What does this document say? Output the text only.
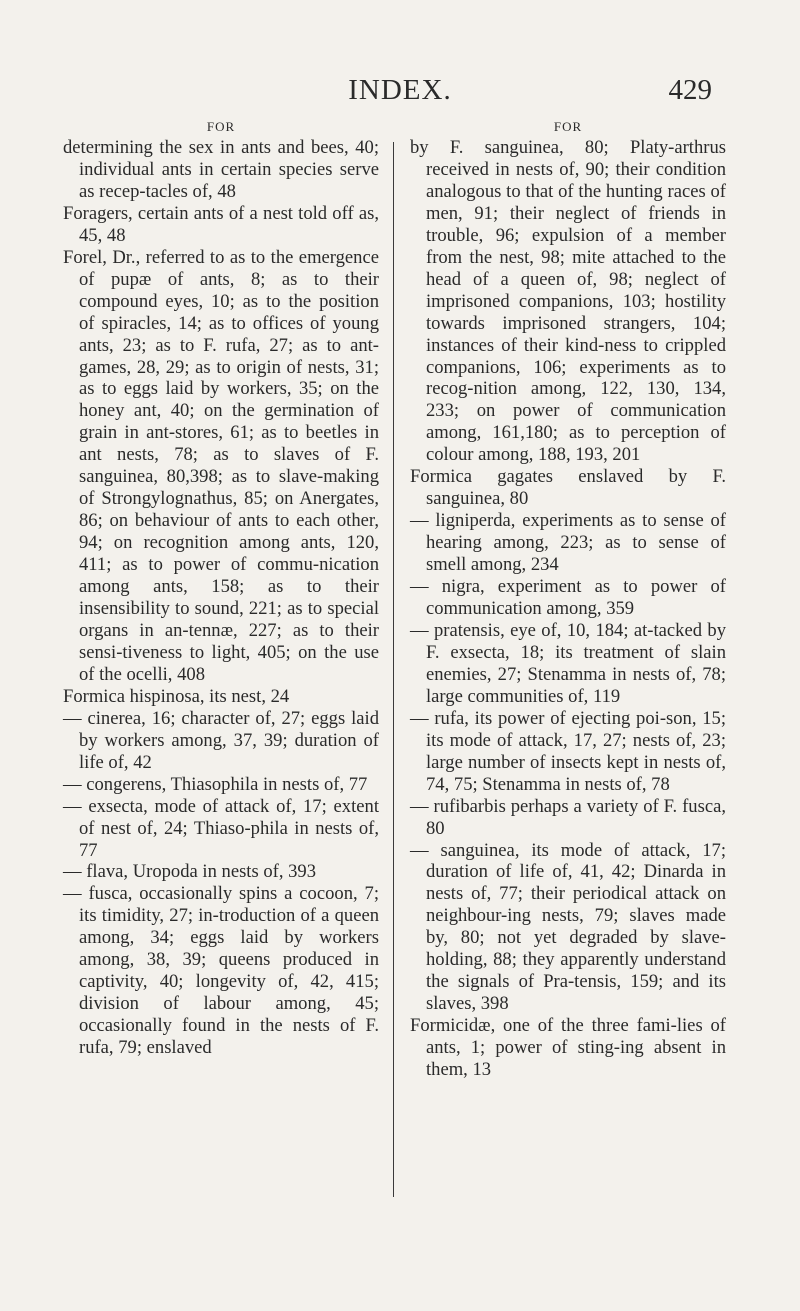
INDEX.	429
FOR
determining the sex in ants and bees, 40; individual ants in certain species serve as recep-tacles of, 48
Foragers, certain ants of a nest told off as, 45, 48
Forel, Dr., referred to as to the emergence of pupæ of ants, 8; as to their compound eyes, 10; as to the position of spiracles, 14; as to offices of young ants, 23; as to F. rufa, 27; as to ant-games, 28, 29; as to origin of nests, 31; as to eggs laid by workers, 35; on the honey ant, 40; on the germination of grain in ant-stores, 61; as to beetles in ant nests, 78; as to slaves of F. sanguinea, 80,398; as to slave-making of Strongylognathus, 85; on Anergates, 86; on behaviour of ants to each other, 94; on recognition among ants, 120, 411; as to power of commu-nication among ants, 158; as to their insensibility to sound, 221; as to special organs in an-tennæ, 227; as to their sensi-tiveness to light, 405; on the use of the ocelli, 408
Formica hispinosa, its nest, 24
— cinerea, 16; character of, 27; eggs laid by workers among, 37, 39; duration of life of, 42
— congerens, Thiasophila in nests of, 77
— exsecta, mode of attack of, 17; extent of nest of, 24; Thiaso-phila in nests of, 77
— flava, Uropoda in nests of, 393
— fusca, occasionally spins a cocoon, 7; its timidity, 27; in-troduction of a queen among, 34; eggs laid by workers among, 38, 39; queens produced in captivity, 40; longevity of, 42, 415; division of labour among, 45; occasionally found in the nests of F. rufa, 79; enslaved
FOR
by F. sanguinea, 80; Platy-arthrus received in nests of, 90; their condition analogous to that of the hunting races of men, 91; their neglect of friends in trouble, 96; expulsion of a member from the nest, 98; mite attached to the head of a queen of, 98; neglect of imprisoned companions, 103; hostility towards imprisoned strangers, 104; instances of their kind-ness to crippled companions, 106; experiments as to recog-nition among, 122, 130, 134, 233; on power of communication among, 161,180; as to perception of colour among, 188, 193, 201
Formica gagates enslaved by F. sanguinea, 80
— ligniperda, experiments as to sense of hearing among, 223; as to sense of smell among, 234
— nigra, experiment as to power of communication among, 359
— pratensis, eye of, 10, 184; at-tacked by F. exsecta, 18; its treatment of slain enemies, 27; Stenamma in nests of, 78; large communities of, 119
— rufa, its power of ejecting poi-son, 15; its mode of attack, 17, 27; nests of, 23; large number of insects kept in nests of, 74, 75; Stenamma in nests of, 78
— rufibarbis perhaps a variety of F. fusca, 80
— sanguinea, its mode of attack, 17; duration of life of, 41, 42; Dinarda in nests of, 77; their periodical attack on neighbour-ing nests, 79; slaves made by, 80; not yet degraded by slave-holding, 88; they apparently understand the signals of Pra-tensis, 159; and its slaves, 398
Formicidæ, one of the three fami-lies of ants, 1; power of sting-ing absent in them, 13
